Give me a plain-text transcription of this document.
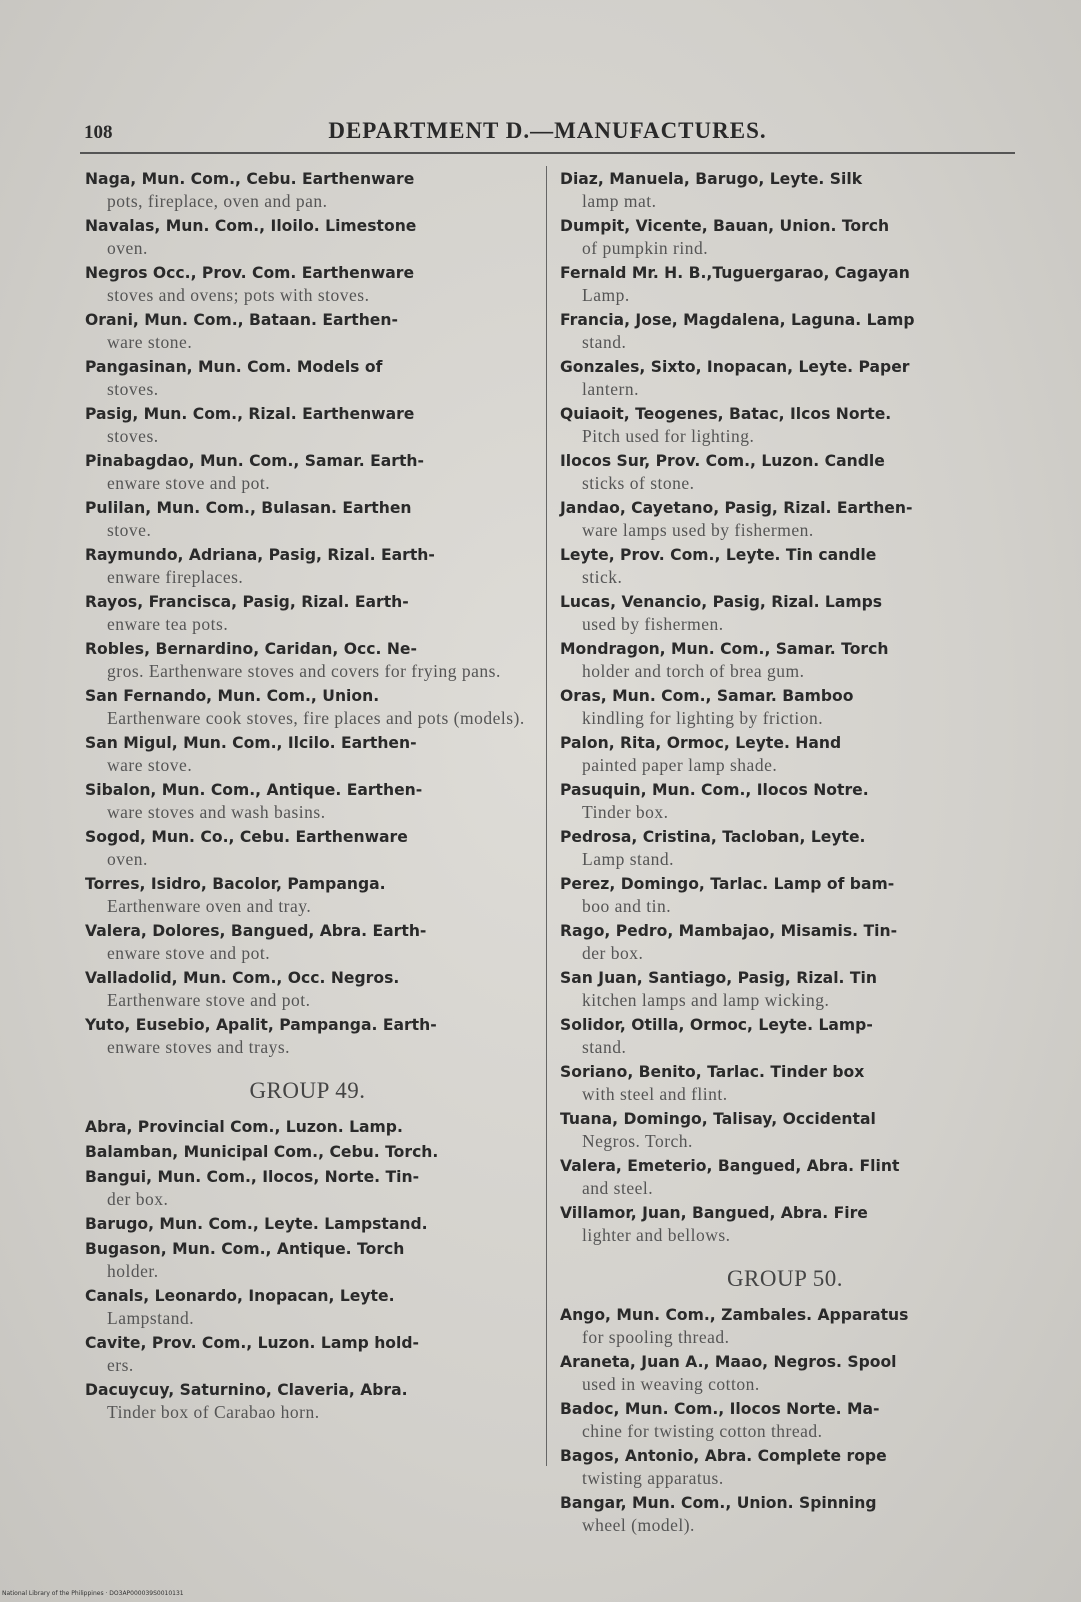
108	DEPARTMENT D.—MANUFACTURES.
Naga, Mun. Com., Cebu. Earthenware
pots, fireplace, oven and pan.
Navalas, Mun. Com., Iloilo. Limestone
oven.
Negros Occ., Prov. Com. Earthenware
stoves and ovens; pots with stoves.
Orani, Mun. Com., Bataan. Earthen-
ware stone.
Pangasinan, Mun. Com. Models of
stoves.
Pasig, Mun. Com., Rizal. Earthenware
stoves.
Pinabagdao, Mun. Com., Samar. Earth-
enware stove and pot.
Pulilan, Mun. Com., Bulasan. Earthen
stove.
Raymundo, Adriana, Pasig, Rizal. Earth-
enware fireplaces.
Rayos, Francisca, Pasig, Rizal. Earth-
enware tea pots.
Robles, Bernardino, Caridan, Occ. Ne-
gros. Earthenware stoves and covers for frying pans.
San Fernando, Mun. Com., Union.
Earthenware cook stoves, fire places and pots (models).
San Migul, Mun. Com., Ilcilo. Earthen-
ware stove.
Sibalon, Mun. Com., Antique. Earthen-
ware stoves and wash basins.
Sogod, Mun. Co., Cebu. Earthenware
oven.
Torres, Isidro, Bacolor, Pampanga.
Earthenware oven and tray.
Valera, Dolores, Bangued, Abra. Earth-
enware stove and pot.
Valladolid, Mun. Com., Occ. Negros.
Earthenware stove and pot.
Yuto, Eusebio, Apalit, Pampanga. Earth-
enware stoves and trays.
GROUP 49.
Abra, Provincial Com., Luzon. Lamp.
Balamban, Municipal Com., Cebu. Torch.
Bangui, Mun. Com., Ilocos, Norte. Tin-
der box.
Barugo, Mun. Com., Leyte. Lampstand.
Bugason, Mun. Com., Antique. Torch
holder.
Canals, Leonardo, Inopacan, Leyte.
Lampstand.
Cavite, Prov. Com., Luzon. Lamp hold-
ers.
Dacuycuy, Saturnino, Claveria, Abra.
Tinder box of Carabao horn.
Diaz, Manuela, Barugo, Leyte. Silk
lamp mat.
Dumpit, Vicente, Bauan, Union. Torch
of pumpkin rind.
Fernald Mr. H. B.,Tuguergarao, Cagayan
Lamp.
Francia, Jose, Magdalena, Laguna. Lamp
stand.
Gonzales, Sixto, Inopacan, Leyte. Paper
lantern.
Quiaoit, Teogenes, Batac, Ilcos Norte.
Pitch used for lighting.
Ilocos Sur, Prov. Com., Luzon. Candle
sticks of stone.
Jandao, Cayetano, Pasig, Rizal. Earthen-
ware lamps used by fishermen.
Leyte, Prov. Com., Leyte. Tin candle
stick.
Lucas, Venancio, Pasig, Rizal. Lamps
used by fishermen.
Mondragon, Mun. Com., Samar. Torch
holder and torch of brea gum.
Oras, Mun. Com., Samar. Bamboo
kindling for lighting by friction.
Palon, Rita, Ormoc, Leyte. Hand
painted paper lamp shade.
Pasuquin, Mun. Com., Ilocos Notre.
Tinder box.
Pedrosa, Cristina, Tacloban, Leyte.
Lamp stand.
Perez, Domingo, Tarlac. Lamp of bam-
boo and tin.
Rago, Pedro, Mambajao, Misamis. Tin-
der box.
San Juan, Santiago, Pasig, Rizal. Tin
kitchen lamps and lamp wicking.
Solidor, Otilla, Ormoc, Leyte. Lamp-
stand.
Soriano, Benito, Tarlac. Tinder box
with steel and flint.
Tuana, Domingo, Talisay, Occidental
Negros. Torch.
Valera, Emeterio, Bangued, Abra. Flint
and steel.
Villamor, Juan, Bangued, Abra. Fire
lighter and bellows.
GROUP 50.
Ango, Mun. Com., Zambales. Apparatus
for spooling thread.
Araneta, Juan A., Maao, Negros. Spool
used in weaving cotton.
Badoc, Mun. Com., Ilocos Norte. Ma-
chine for twisting cotton thread.
Bagos, Antonio, Abra. Complete rope
twisting apparatus.
Bangar, Mun. Com., Union. Spinning
wheel (model).
National Library of the Philippines · DO3AP000039S0010131
